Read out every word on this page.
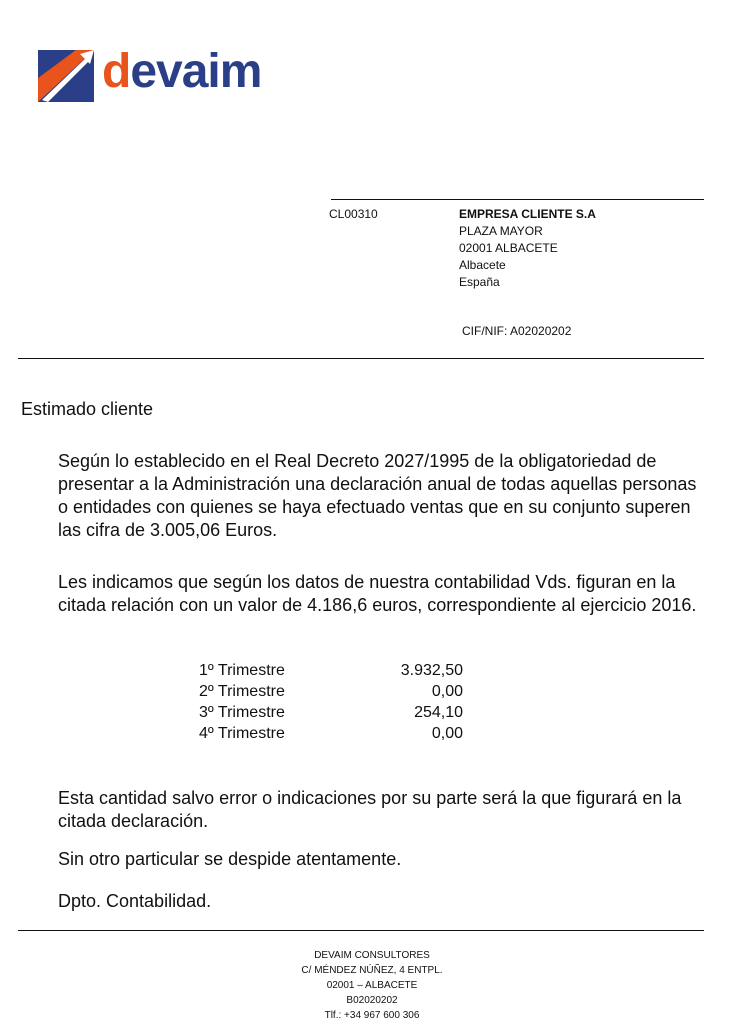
devaim
CL00310	EMPRESA CLIENTE S.A
PLAZA MAYOR
02001 ALBACETE
Albacete
España
CIF/NIF: A02020202
Estimado cliente
Según lo establecido en el Real Decreto 2027/1995 de la obligatoriedad de presentar a la Administración una declaración anual de todas aquellas personas o entidades con quienes se haya efectuado ventas que en su conjunto superen las cifra de 3.005,06 Euros.
Les indicamos que según los datos de nuestra contabilidad Vds. figuran en la citada relación con un valor de 4.186,6 euros, correspondiente al ejercicio 2016.
1º Trimestre	3.932,50
2º Trimestre	0,00
3º Trimestre	254,10
4º Trimestre	0,00
Esta cantidad salvo error o indicaciones por su parte será la que figurará en la citada declaración.
Sin otro particular se despide atentamente.
Dpto. Contabilidad.
DEVAIM CONSULTORES
C/ MÉNDEZ NÚÑEZ, 4 ENTPL.
02001 – ALBACETE
B02020202
Tlf.: +34 967 600 306
